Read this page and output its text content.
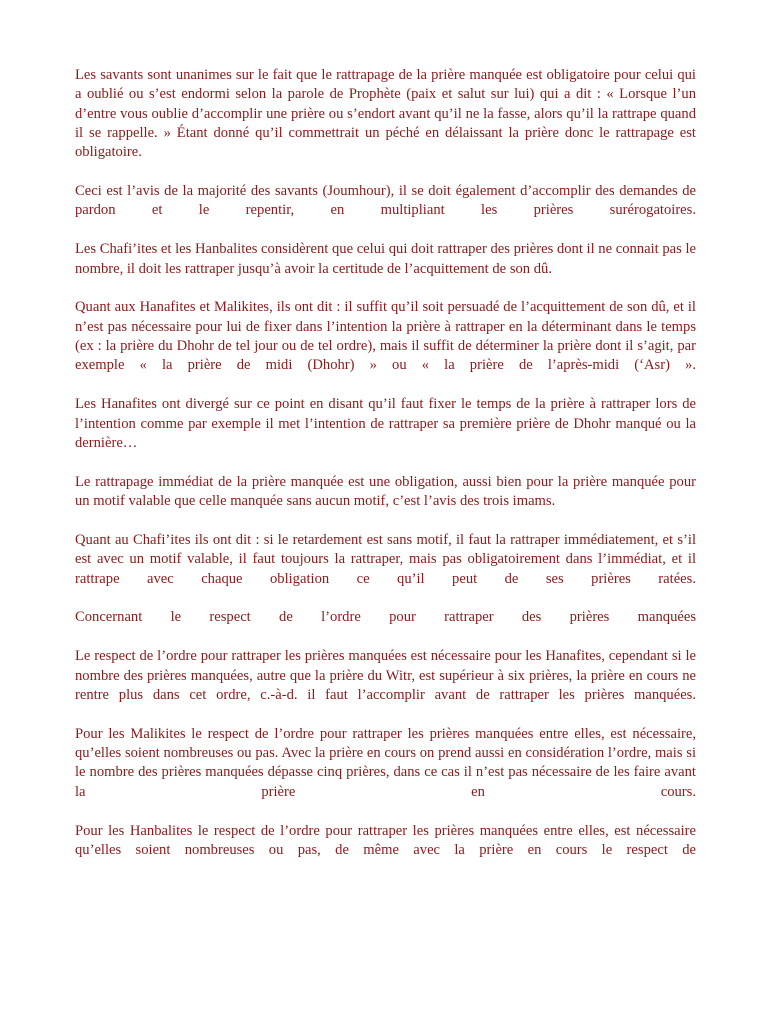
Les savants sont unanimes sur le fait que le rattrapage de la prière manquée est obligatoire pour celui qui a oublié ou s’est endormi selon la parole de Prophète (paix et salut sur lui) qui a dit : « Lorsque l’un d’entre vous oublie d’accomplir une prière ou s’endort avant qu’il ne la fasse, alors qu’il la rattrape quand il se rappelle. » Étant donné qu’il commettrait un péché en délaissant la prière donc le rattrapage est obligatoire.

Ceci est l’avis de la majorité des savants (Joumhour), il se doit également d’accomplir des demandes de pardon et le repentir, en multipliant les prières surérogatoires.

Les Chafi’ites et les Hanbalites considèrent que celui qui doit rattraper des prières dont il ne connait pas le nombre, il doit les rattraper jusqu’à avoir la certitude de l’acquittement de son dû.

Quant aux Hanafites et Malikites, ils ont dit : il suffit qu’il soit persuadé de l’acquittement de son dû, et il n’est pas nécessaire pour lui de fixer dans l’intention la prière à rattraper en la déterminant dans le temps (ex : la prière du Dhohr de tel jour ou de tel ordre), mais il suffit de déterminer la prière dont il s’agit, par exemple « la prière de midi (Dhohr) » ou « la prière de l’après-midi (‘Asr) ».

Les Hanafites ont divergé sur ce point en disant qu’il faut fixer le temps de la prière à rattraper lors de l’intention comme par exemple il met l’intention de rattraper sa première prière de Dhohr manqué ou la dernière…

Le rattrapage immédiat de la prière manquée est une obligation, aussi bien pour la prière manquée pour un motif valable que celle manquée sans aucun motif, c’est l’avis des trois imams.

Quant au Chafi’ites ils ont dit : si le retardement est sans motif, il faut la rattraper immédiatement, et s’il est avec un motif valable, il faut toujours la rattraper, mais pas obligatoirement dans l’immédiat, et il rattrape avec chaque obligation ce qu’il peut de ses prières ratées.

Concernant le respect de l’ordre pour rattraper des prières manquées

Le respect de l’ordre pour rattraper les prières manquées est nécessaire pour les Hanafites, cependant si le nombre des prières manquées, autre que la prière du Witr, est supérieur à six prières, la prière en cours ne rentre plus dans cet ordre, c.-à-d. il faut l’accomplir avant de rattraper les prières manquées.

Pour les Malikites le respect de l’ordre pour rattraper les prières manquées entre elles, est nécessaire, qu’elles soient nombreuses ou pas. Avec la prière en cours on prend aussi en considération l’ordre, mais si le nombre des prières manquées dépasse cinq prières, dans ce cas il n’est pas nécessaire de les faire avant la prière en cours.

Pour les Hanbalites le respect de l’ordre pour rattraper les prières manquées entre elles, est nécessaire qu’elles soient nombreuses ou pas, de même avec la prière en cours le respect de
